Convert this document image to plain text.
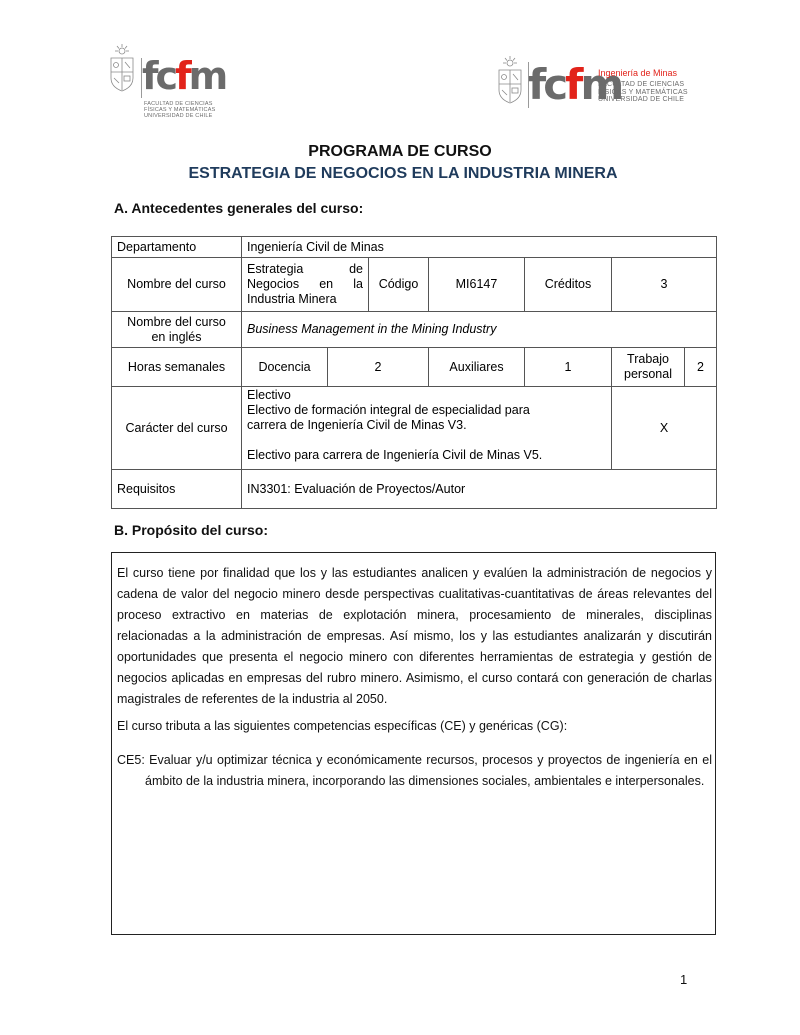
fcfm
FACULTAD DE CIENCIAS
FÍSICAS Y MATEMÁTICAS
UNIVERSIDAD DE CHILE
fcfm
Ingeniería de Minas
FACULTAD DE CIENCIAS
FÍSICAS Y MATEMÁTICAS
UNIVERSIDAD DE CHILE
PROGRAMA DE CURSO
ESTRATEGIA DE NEGOCIOS EN LA INDUSTRIA MINERA
A. Antecedentes generales del curso:
Departamento	Ingeniería Civil de Minas						
Nombre del curso	Estrategia de
Negocios en la
Industria Minera		Código	MI6147	Créditos	3	

Nombre del curso
en inglés	Business Management in the Mining Industry						
Horas semanales	Docencia	2		Auxiliares	1	Trabajo
personal	2
Carácter del curso	Electivo
Electivo de formación integral de especialidad para
carrera de Ingeniería Civil de Minas V3.
Electivo para carrera de Ingeniería Civil de Minas V5.					X	
Requisitos	IN3301: Evaluación de Proyectos/Autor						
B. Propósito del curso:
El curso tiene por finalidad que los y las estudiantes analicen y evalúen la administración de negocios y cadena de valor del negocio minero desde perspectivas cualitativas-cuantitativas de áreas relevantes del proceso extractivo en materias de explotación minera, procesamiento de minerales, disciplinas relacionadas a la administración de empresas. Así mismo, los y las estudiantes analizarán y discutirán oportunidades que presenta el negocio minero con diferentes herramientas de estrategia y gestión de negocios aplicadas en empresas del rubro minero. Asimismo, el curso contará con generación de charlas magistrales de referentes de la industria al 2050.
El curso tributa a las siguientes competencias específicas (CE) y genéricas (CG):
CE5: Evaluar y/u optimizar técnica y económicamente recursos, procesos y proyectos de ingeniería en el ámbito de la industria minera, incorporando las dimensiones sociales, ambientales e interpersonales.
1
